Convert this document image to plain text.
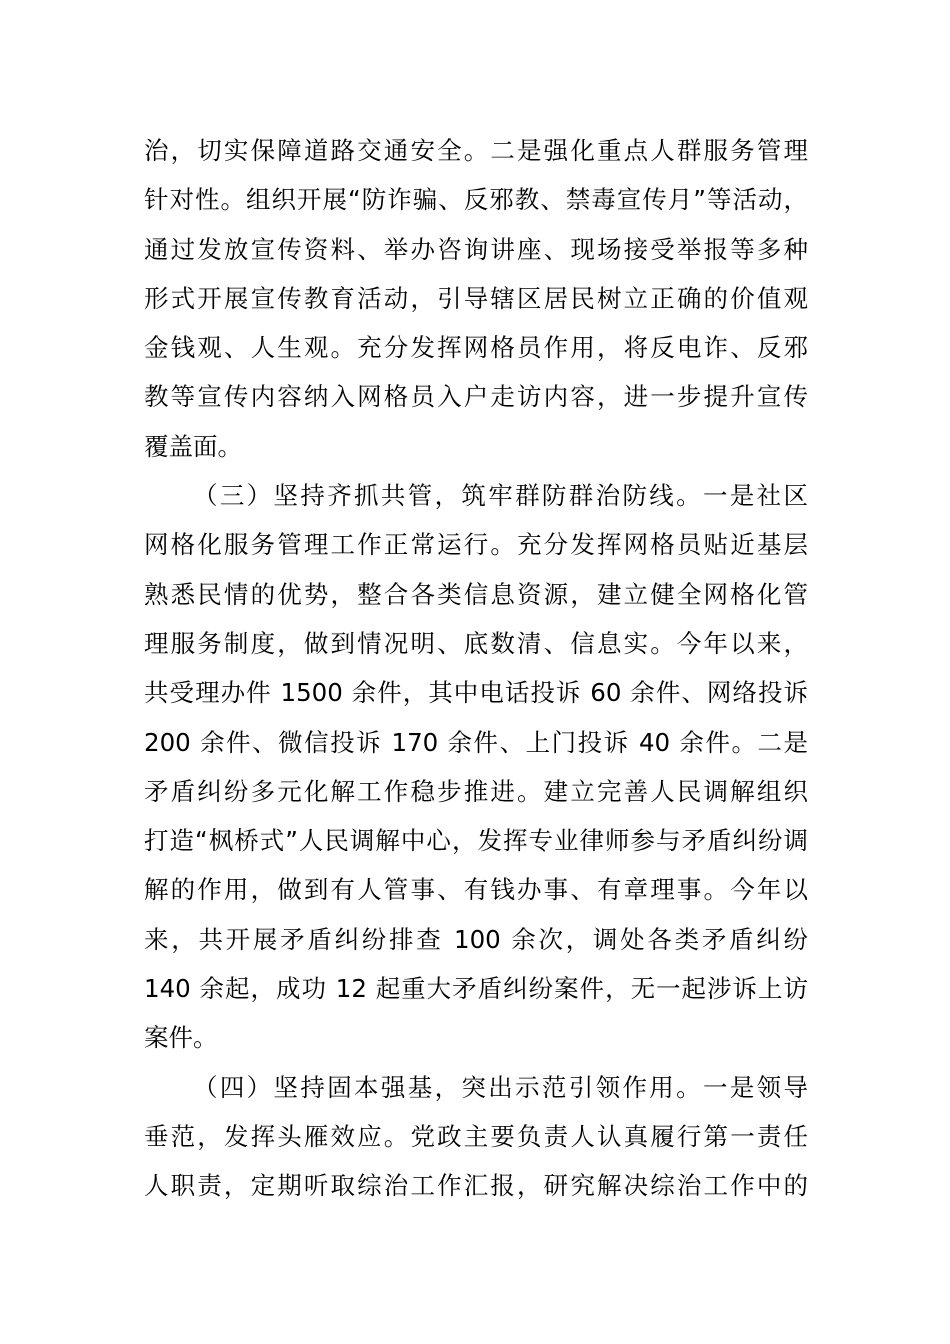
治，切实保障道路交通安全。二是强化重点人群服务管理
针对性。组织开展“防诈骗、反邪教、禁毒宣传月”等活动，
通过发放宣传资料、举办咨询讲座、现场接受举报等多种
形式开展宣传教育活动，引导辖区居民树立正确的价值观
金钱观、人生观。充分发挥网格员作用，将反电诈、反邪
教等宣传内容纳入网格员入户走访内容，进一步提升宣传
覆盖面。
（三）坚持齐抓共管，筑牢群防群治防线。一是社区
网格化服务管理工作正常运行。充分发挥网格员贴近基层
熟悉民情的优势，整合各类信息资源，建立健全网格化管
理服务制度，做到情况明、底数清、信息实。今年以来，
共受理办件 1500 余件，其中电话投诉 60 余件、网络投诉
200 余件、微信投诉 170 余件、上门投诉 40 余件。二是
矛盾纠纷多元化解工作稳步推进。建立完善人民调解组织
打造“枫桥式”人民调解中心，发挥专业律师参与矛盾纠纷调
解的作用，做到有人管事、有钱办事、有章理事。今年以
来，共开展矛盾纠纷排查 100 余次，调处各类矛盾纠纷
140 余起，成功 12 起重大矛盾纠纷案件，无一起涉诉上访
案件。
（四）坚持固本强基，突出示范引领作用。一是领导
垂范，发挥头雁效应。党政主要负责人认真履行第一责任
人职责，定期听取综治工作汇报，研究解决综治工作中的
